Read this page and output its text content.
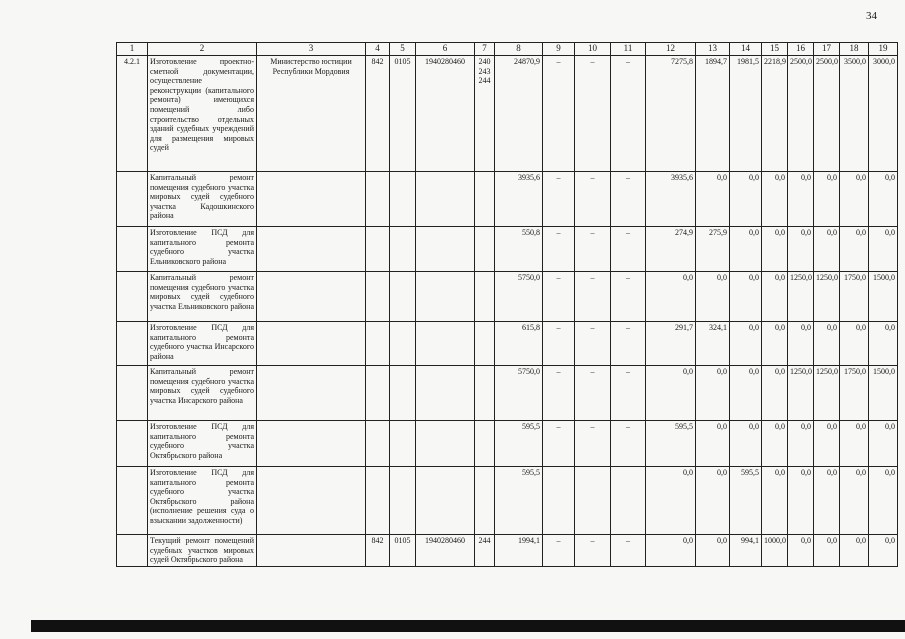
34
1	2	3	4	5	6	7	8	9	10	11	12	13	14	15	16	17	18	19
4.2.1	Изготовление проектно-сметной документации, осуществление реконструкции (капитального ремонта) имеющихся помещений либо строительство отдельных зданий судебных учреждений для размещения мировых судей	Министерство юстиции Республики Мордовия	842	0105	1940280460	240 243 244	24870,9	–	–	–	7275,8	1894,7	1981,5	2218,9	2500,0	2500,0	3500,0	3000,0
	Капитальный ремонт помещения судебного участка мировых судей судебного участка Кадошкинского района						3935,6	–	–	–	3935,6	0,0	0,0	0,0	0,0	0,0	0,0	0,0
	Изготовление ПСД для капитального ремонта судебного участка Ельниковского района						550,8	–	–	–	274,9	275,9	0,0	0,0	0,0	0,0	0,0	0,0
	Капитальный ремонт помещения судебного участка мировых судей судебного участка Ельниковского района						5750,0	–	–	–	0,0	0,0	0,0	0,0	1250,0	1250,0	1750,0	1500,0
	Изготовление ПСД для капитального ремонта судебного участка Инсарского района						615,8	–	–	–	291,7	324,1	0,0	0,0	0,0	0,0	0,0	0,0
	Капитальный ремонт помещения судебного участка мировых судей судебного участка Инсарского района						5750,0	–	–	–	0,0	0,0	0,0	0,0	1250,0	1250,0	1750,0	1500,0
	Изготовление ПСД для капитального ремонта судебного участка Октябрьского района						595,5	–	–	–	595,5	0,0	0,0	0,0	0,0	0,0	0,0	0,0
	Изготовление ПСД для капитального ремонта судебного участка Октябрьского района (исполнение решения суда о взыскании задолженности)						595,5				0,0	0,0	595,5	0,0	0,0	0,0	0,0	0,0
	Текущий ремонт помещений судебных участков мировых судей Октябрьского района		842	0105	1940280460	244	1994,1	–	–	–	0,0	0,0	994,1	1000,0	0,0	0,0	0,0	0,0
